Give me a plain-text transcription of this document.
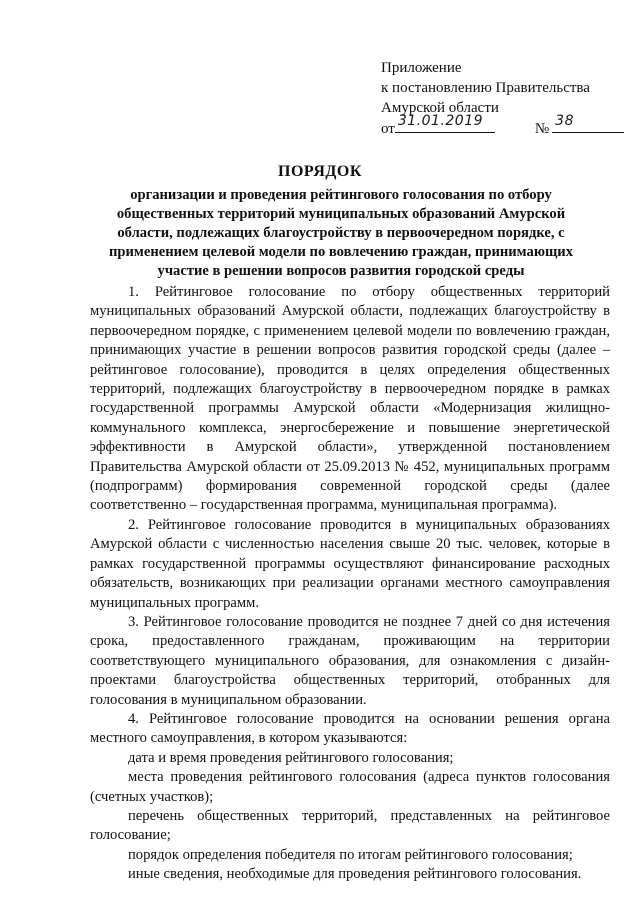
Приложение
к постановлению Правительства
Амурской области
от 31.01.2019	№ 38
ПОРЯДОК
организации и проведения рейтингового голосования по отбору общественных территорий муниципальных образований Амурской области, подлежащих благоустройству в первоочередном порядке, с применением целевой модели по вовлечению граждан, принимающих участие в решении вопросов развития городской среды

1. Рейтинговое голосование по отбору общественных территорий муниципальных образований Амурской области, подлежащих благоустройству в первоочередном порядке, с применением целевой модели по вовлечению граждан, принимающих участие в решении вопросов развития городской среды (далее – рейтинговое голосование), проводится в целях определения общественных территорий, подлежащих благоустройству в первоочередном порядке в рамках государственной программы Амурской области «Модернизация жилищно-коммунального комплекса, энергосбережение и повышение энергетической эффективности в Амурской области», утвержденной постановлением Правительства Амурской области от 25.09.2013 № 452, муниципальных программ (подпрограмм) формирования современной городской среды (далее соответственно – государственная программа, муниципальная программа).

2. Рейтинговое голосование проводится в муниципальных образованиях Амурской области с численностью населения свыше 20 тыс. человек, которые в рамках государственной программы осуществляют финансирование расходных обязательств, возникающих при реализации органами местного самоуправления муниципальных программ.

3. Рейтинговое голосование проводится не позднее 7 дней со дня истечения срока, предоставленного гражданам, проживающим на территории соответствующего муниципального образования, для ознакомления с дизайн-проектами благоустройства общественных территорий, отобранных для голосования в муниципальном образовании.

4. Рейтинговое голосование проводится на основании решения органа местного самоуправления, в котором указываются:

дата и время проведения рейтингового голосования;

места проведения рейтингового голосования (адреса пунктов голосования (счетных участков);

перечень общественных территорий, представленных на рейтинговое голосование;

порядок определения победителя по итогам рейтингового голосования;

иные сведения, необходимые для проведения рейтингового голосования.
